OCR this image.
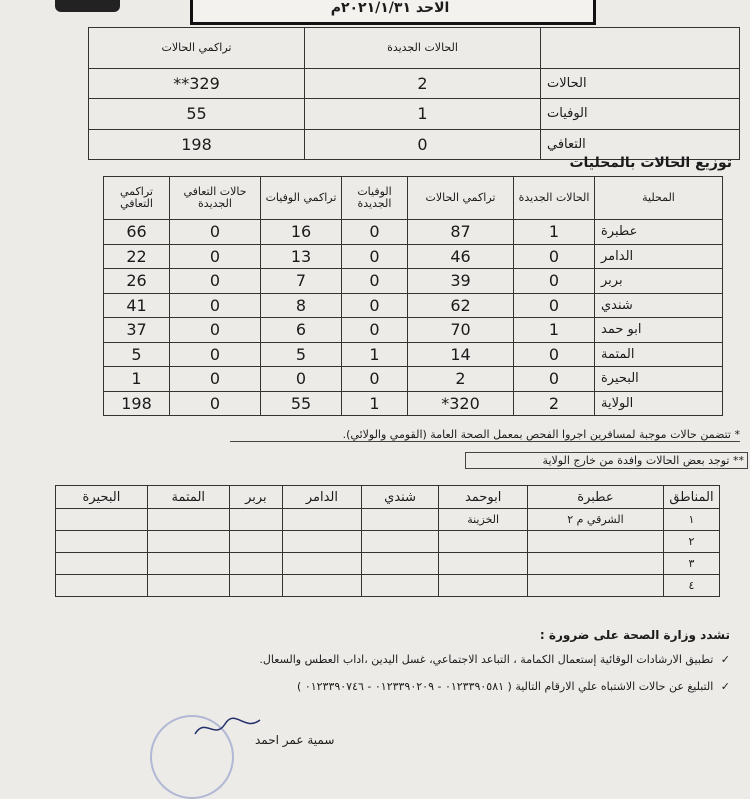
الاحد ٢٠٢١/١/٣١م
تراكمي الحالات	الحالات الجديدة	
**329	2	الحالات
55	1	الوفيات
198	0	التعافي
توزيع الحالات بالمحليات
تراكمي التعافي	حالات التعافي الجديدة	تراكمي الوفيات	الوفيات الجديدة	تراكمي الحالات	الحالات الجديدة	المحلية
66	0	16	0	87	1	عطبرة
22	0	13	0	46	0	الدامر
26	0	7	0	39	0	بربر
41	0	8	0	62	0	شندي
37	0	6	0	70	1	ابو حمد
5	0	5	1	14	0	المتمة
1	0	0	0	2	0	البحيرة
198	0	55	1	*320	2	الولاية
* تتضمن حالات موجبة لمسافرين اجروا الفحص بمعمل الصحة العامة (القومي والولائي).
** توجد بعض الحالات وافدة من خارج الولاية
البحيرة	المتمة	بربر	الدامر	شندي	ابوحمد	عطبرة	المناطق
					الخزينة	الشرقي م ٢	١
							٢
							٣
							٤
تشدد وزارة الصحة على ضرورة :
✓ تطبيق الارشادات الوقائية إستعمال الكمامة ، التباعد الاجتماعي، غسل اليدين ،اداب العطس والسعال.
✓ التبليغ عن حالات الاشتباه علي الارقام التالية ( ٠١٢٣٣٩٠٥٨١ - ٠١٢٣٣٩٠٢٠٩ - ٠١٢٣٣٩٠٧٤٦ )
سمية عمر احمد
